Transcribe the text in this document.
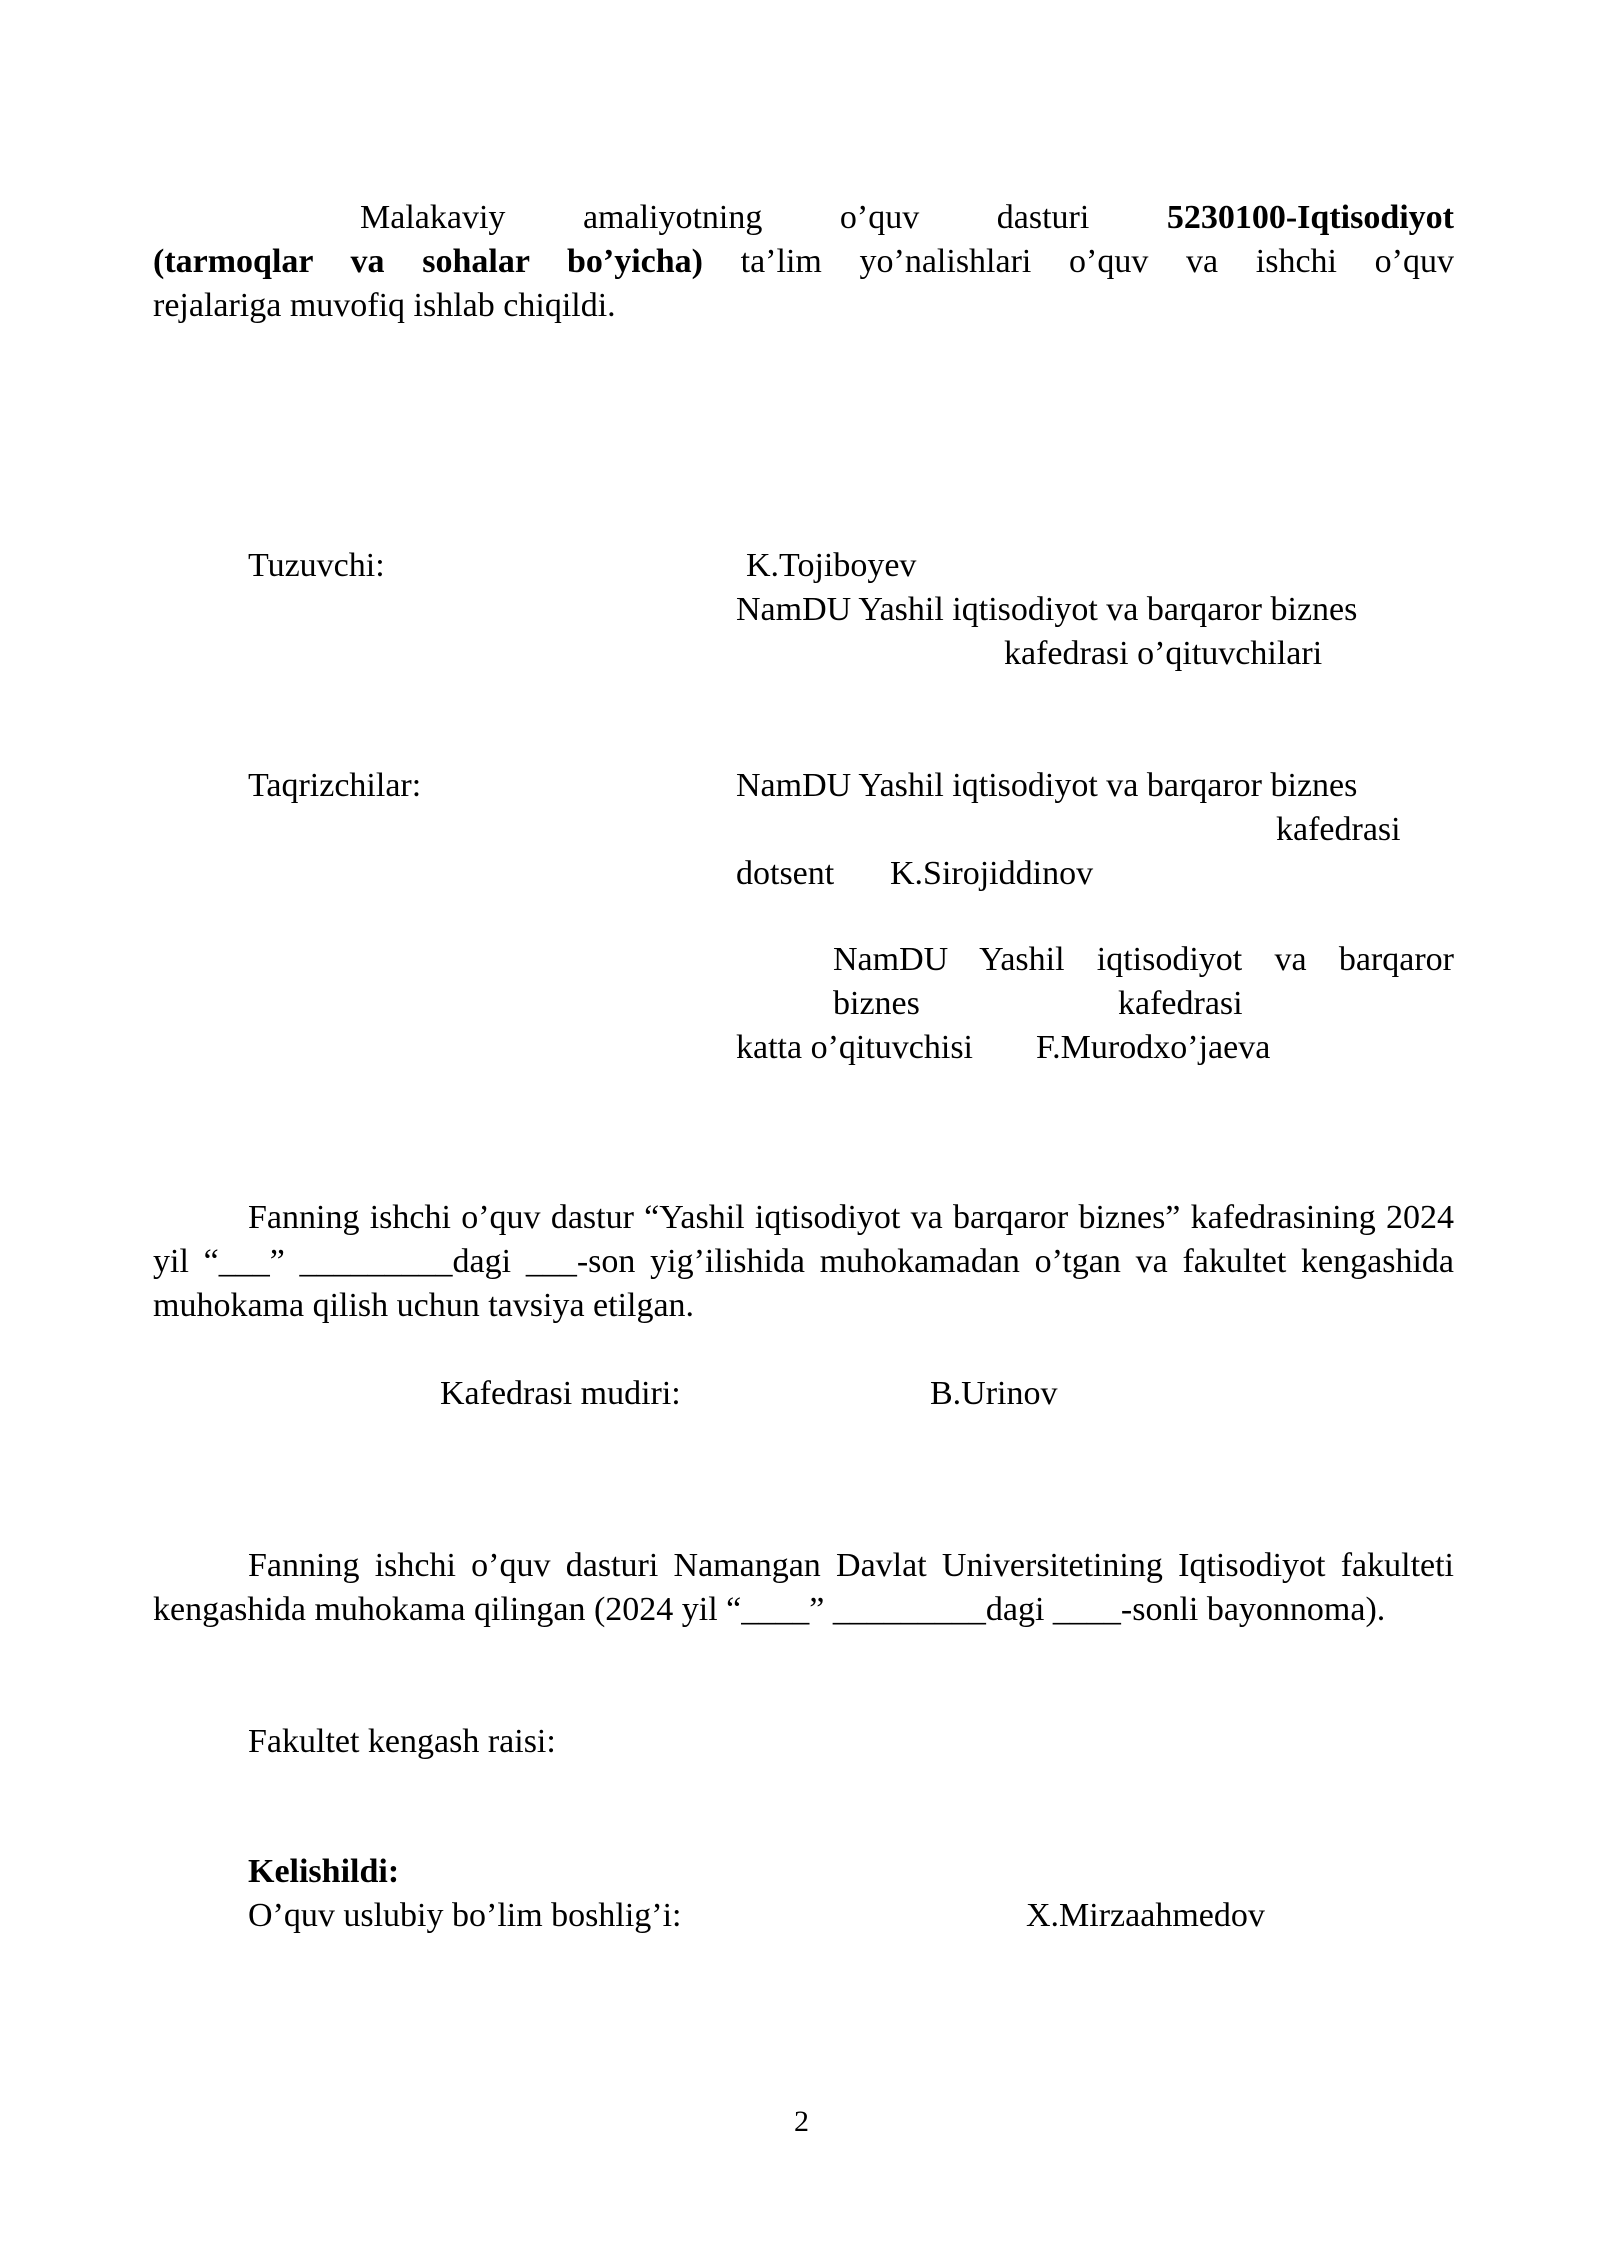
Malakaviy amaliyotning o’quv dasturi 5230100-Iqtisodiyot
(tarmoqlar va sohalar bo’yicha) ta’lim yo’nalishlari o’quv va ishchi o’quv
rejalariga muvofiq ishlab chiqildi.
Tuzuvchi:	K.Tojiboyev
NamDU Yashil iqtisodiyot va barqaror biznes
kafedrasi o’qituvchilari
Taqrizchilar:	NamDU Yashil iqtisodiyot va barqaror biznes
kafedrasi
dotsent K.Sirojiddinov
NamDU Yashil iqtisodiyot va barqaror
biznes	kafedrasi
katta o’qituvchisi F.Murodxo’jaeva
Fanning ishchi o’quv dastur “Yashil iqtisodiyot va barqaror biznes” kafedrasining 2024 yil “___” _________dagi ___-son yig’ilishida muhokamadan o’tgan va fakultet kengashida muhokama qilish uchun tavsiya etilgan.
Kafedrasi mudiri:	B.Urinov
Fanning ishchi o’quv dasturi Namangan Davlat Universitetining Iqtisodiyot fakulteti kengashida muhokama qilingan (2024 yil “____” _________dagi ____-sonli bayonnoma).
Fakultet kengash raisi:
Kelishildi:
O’quv uslubiy bo’lim boshlig’i:	X.Mirzaahmedov
2
